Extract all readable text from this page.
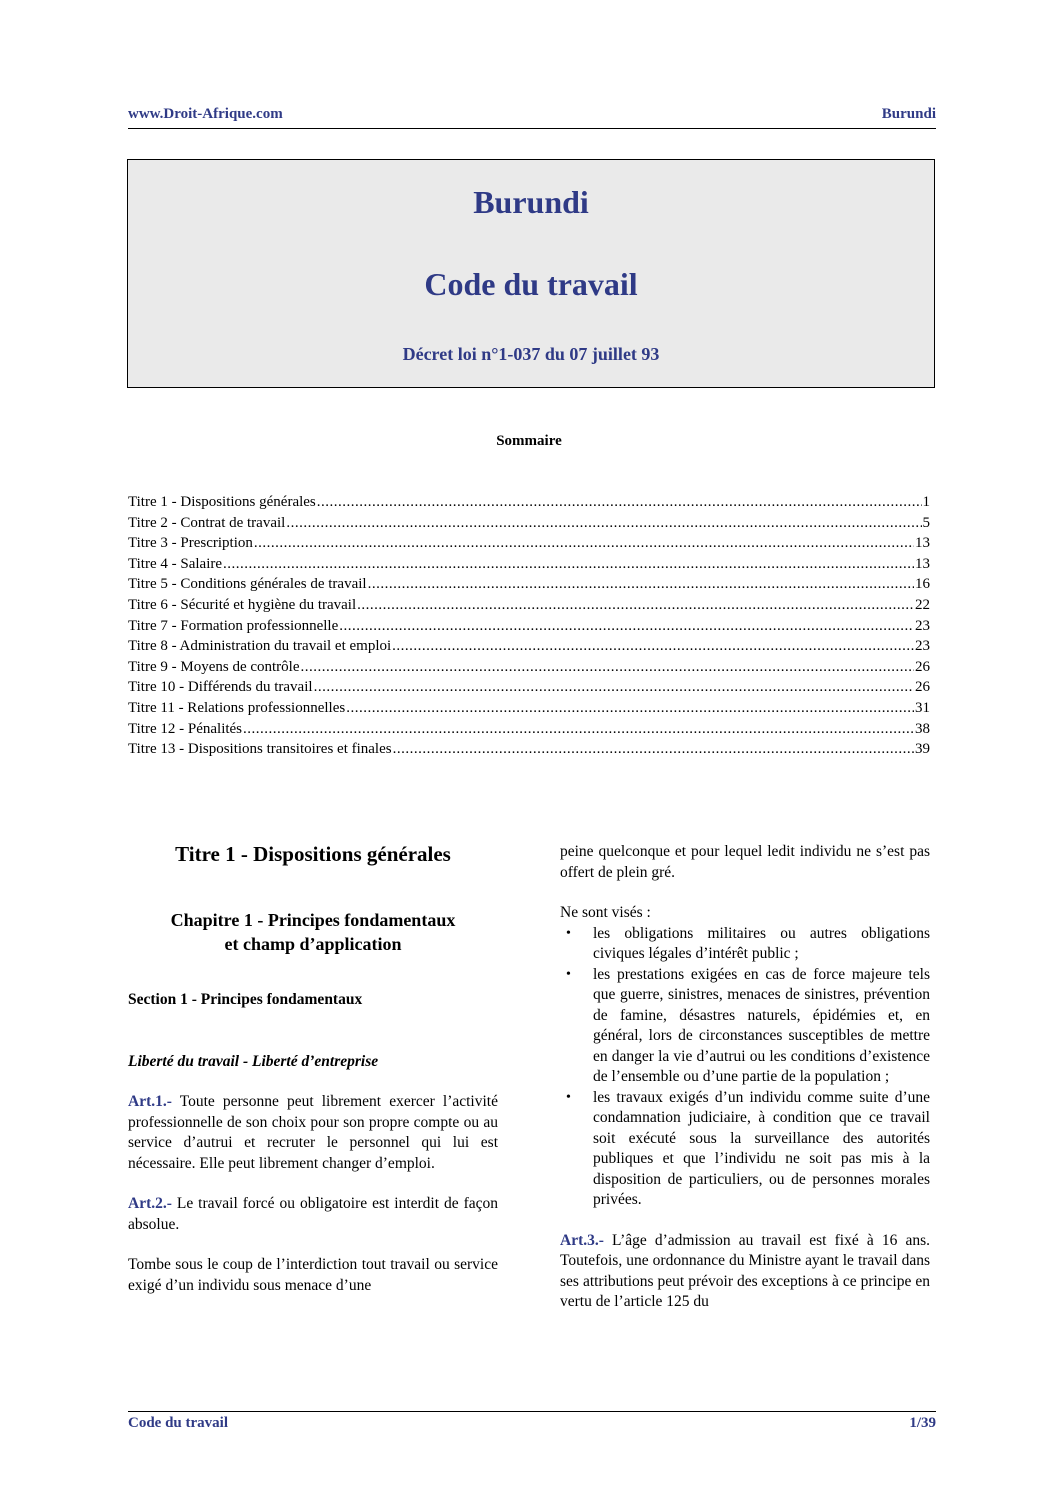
www.Droit-Afrique.com	Burundi
Burundi
Code du travail
Décret loi n°1-037 du 07 juillet 93
Sommaire
Titre 1 - Dispositions générales .....	1
Titre 2 - Contrat de travail .....	5
Titre 3 - Prescription .....	13
Titre 4 - Salaire .....	13
Titre 5 - Conditions générales de travail .....	16
Titre 6 - Sécurité et hygiène du travail .....	22
Titre 7 - Formation professionnelle .....	23
Titre 8 - Administration du travail et emploi .....	23
Titre 9 - Moyens de contrôle .....	26
Titre 10 - Différends du travail .....	26
Titre 11 - Relations professionnelles .....	31
Titre 12 - Pénalités .....	38
Titre 13 - Dispositions transitoires et finales .....	39
Titre 1 - Dispositions générales
Chapitre 1 - Principes fondamentaux
et champ d’application

Section 1 - Principes fondamentaux

Liberté du travail - Liberté d’entreprise

Art.1.- Toute personne peut librement exercer l’activité professionnelle de son choix pour son propre compte ou au service d’autrui et recruter le personnel qui lui est nécessaire. Elle peut librement changer d’emploi.

Art.2.- Le travail forcé ou obligatoire est interdit de façon absolue.

Tombe sous le coup de l’interdiction tout travail ou service exigé d’un individu sous menace d’une

peine quelconque et pour lequel ledit individu ne s’est pas offert de plein gré.

Ne sont visés :

• les obligations militaires ou autres obligations civiques légales d’intérêt public ;
• les prestations exigées en cas de force majeure tels que guerre, sinistres, menaces de sinistres, prévention de famine, désastres naturels, épidémies et, en général, lors de circonstances susceptibles de mettre en danger la vie d’autrui ou les conditions d’existence de l’ensemble ou d’une partie de la population ;
• les travaux exigés d’un individu comme suite d’une condamnation judiciaire, à condition que ce travail soit exécuté sous la surveillance des autorités publiques et que l’individu ne soit pas mis à la disposition de particuliers, ou de personnes morales privées.

Art.3.- L’âge d’admission au travail est fixé à 16 ans. Toutefois, une ordonnance du Ministre ayant le travail dans ses attributions peut prévoir des exceptions à ce principe en vertu de l’article 125 du

Code du travail	1/39
